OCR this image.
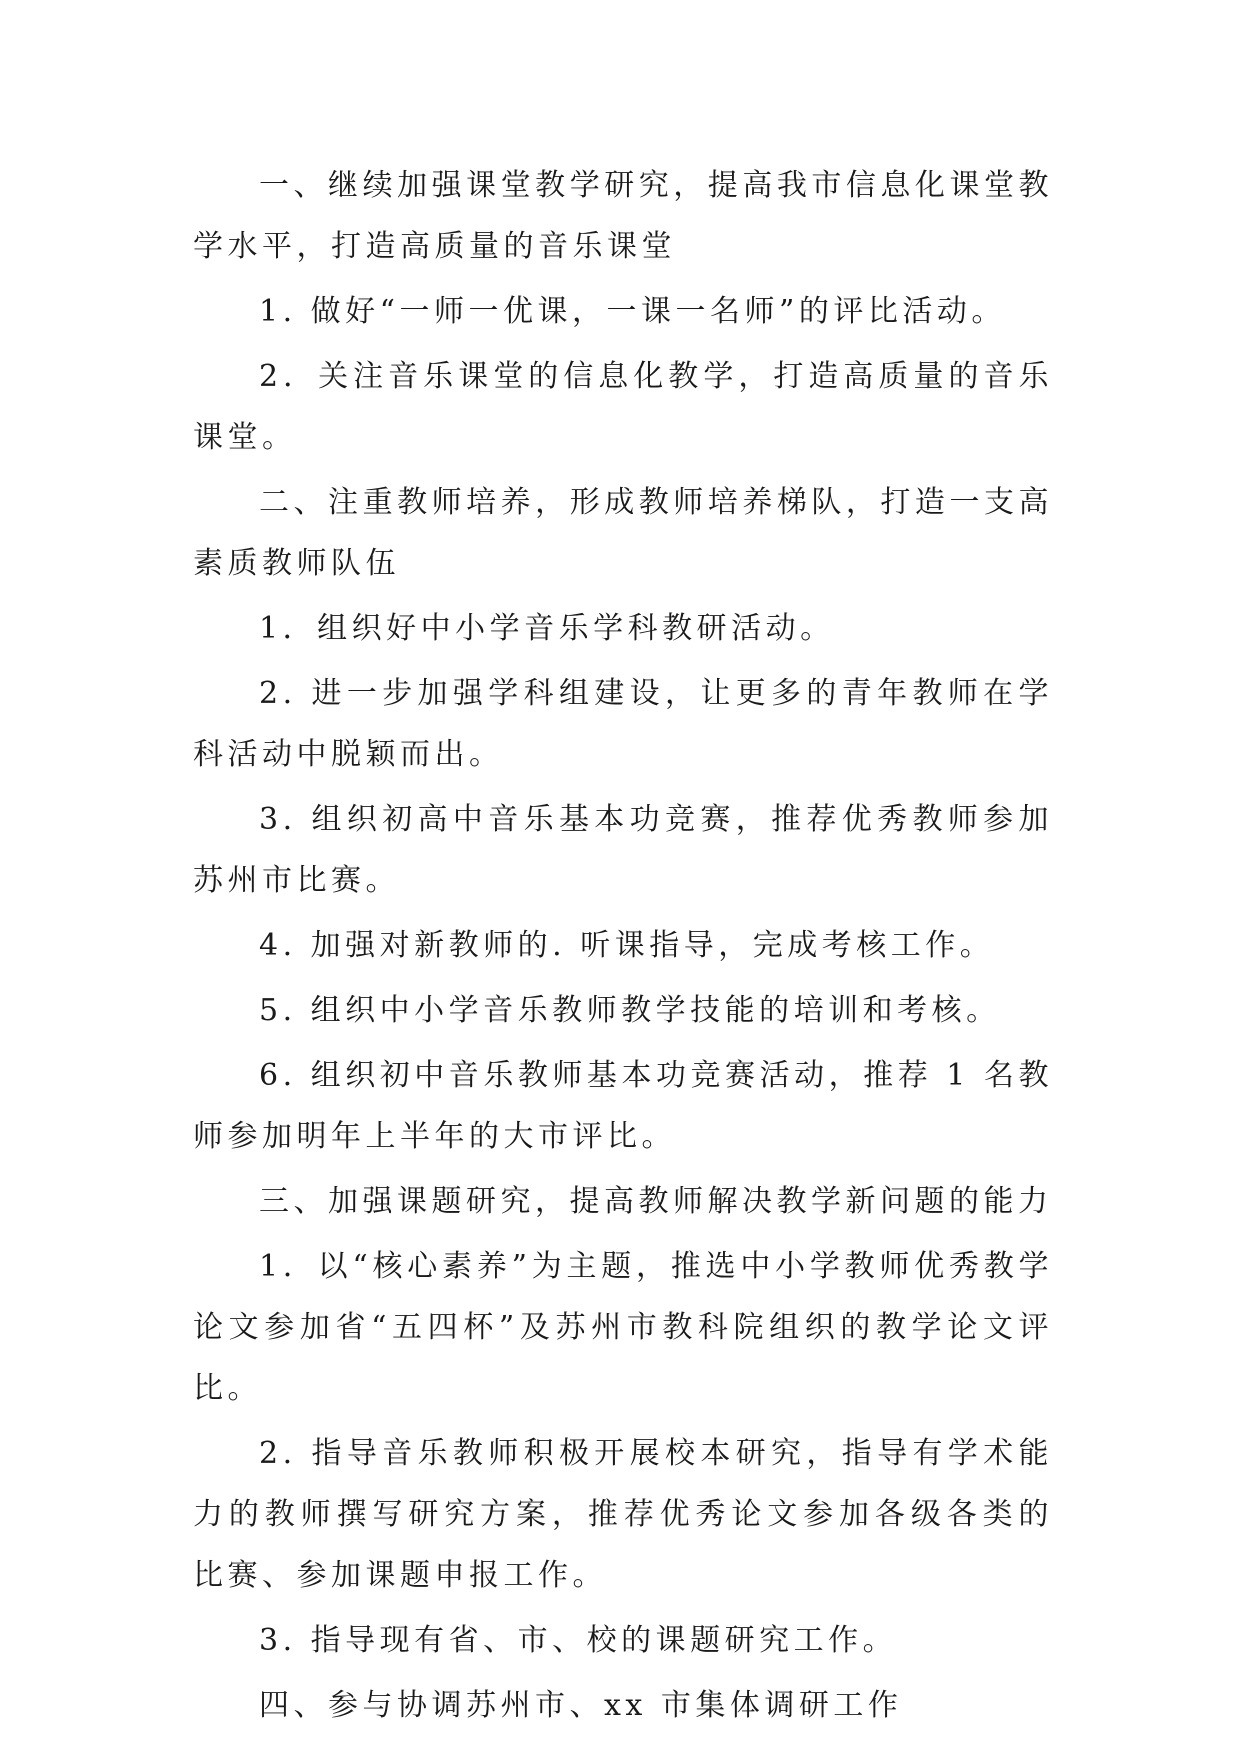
一、继续加强课堂教学研究，提高我市信息化课堂教学水平，打造高质量的音乐课堂

1. 做好“一师一优课，一课一名师”的评比活动。

2．关注音乐课堂的信息化教学，打造高质量的音乐课堂。

二、注重教师培养，形成教师培养梯队，打造一支高素质教师队伍

1．组织好中小学音乐学科教研活动。

2. 进一步加强学科组建设，让更多的青年教师在学科活动中脱颖而出。

3. 组织初高中音乐基本功竞赛，推荐优秀教师参加苏州市比赛。

4. 加强对新教师的. 听课指导，完成考核工作。

5. 组织中小学音乐教师教学技能的培训和考核。

6. 组织初中音乐教师基本功竞赛活动，推荐 1 名教师参加明年上半年的大市评比。

三、加强课题研究，提高教师解决教学新问题的能力

1．以“核心素养”为主题，推选中小学教师优秀教学论文参加省“五四杯”及苏州市教科院组织的教学论文评比。

2. 指导音乐教师积极开展校本研究，指导有学术能力的教师撰写研究方案，推荐优秀论文参加各级各类的比赛、参加课题申报工作。

3. 指导现有省、市、校的课题研究工作。

四、参与协调苏州市、xx 市集体调研工作
